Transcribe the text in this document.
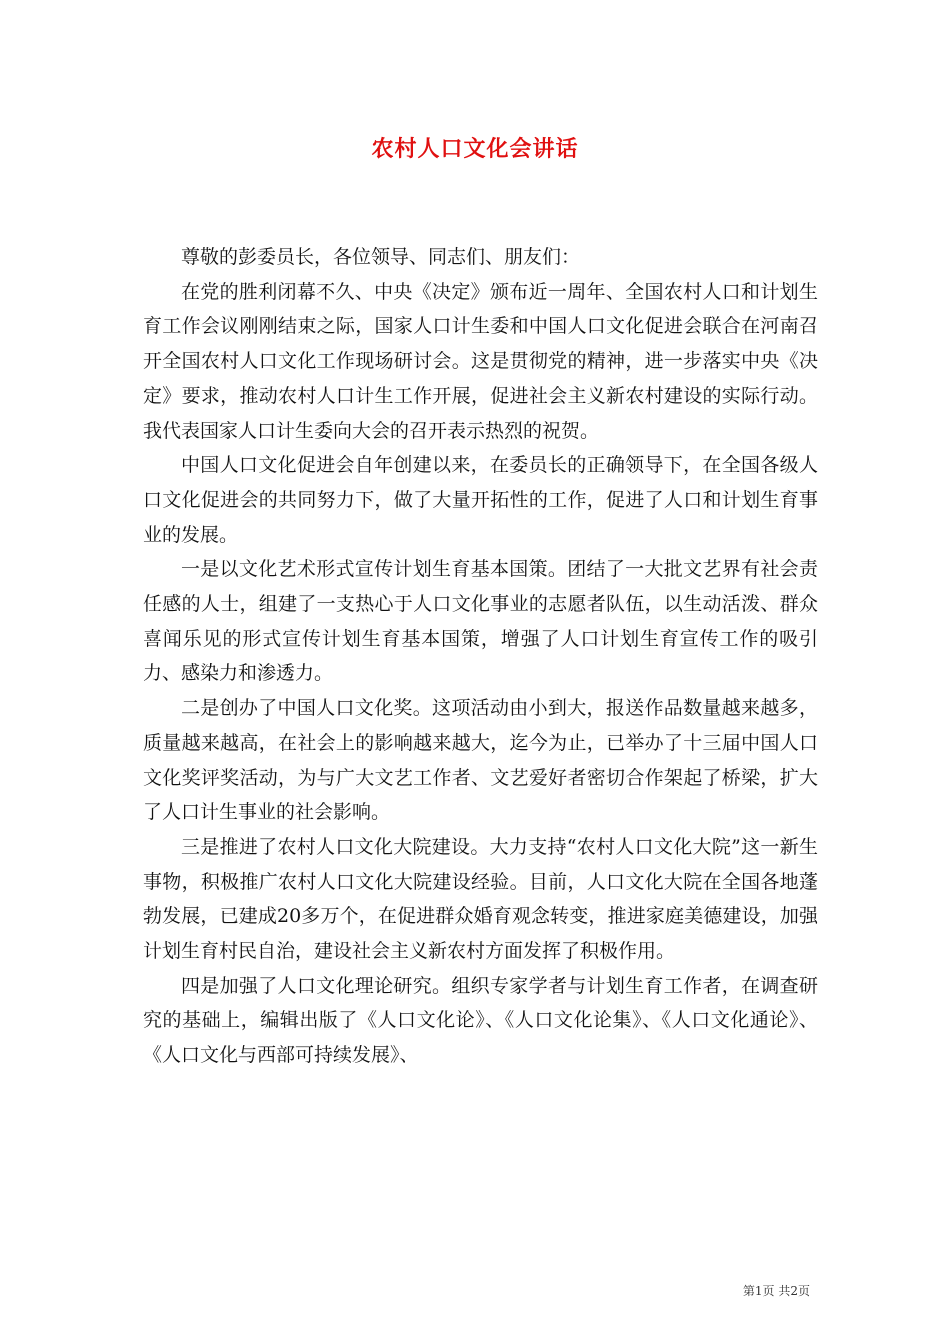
农村人口文化会讲话

尊敬的彭委员长，各位领导、同志们、朋友们：

在党的胜利闭幕不久、中央《决定》颁布近一周年、全国农村人口和计划生育工作会议刚刚结束之际，国家人口计生委和中国人口文化促进会联合在河南召开全国农村人口文化工作现场研讨会。这是贯彻党的精神，进一步落实中央《决定》要求，推动农村人口计生工作开展，促进社会主义新农村建设的实际行动。我代表国家人口计生委向大会的召开表示热烈的祝贺。

中国人口文化促进会自年创建以来，在委员长的正确领导下，在全国各级人口文化促进会的共同努力下，做了大量开拓性的工作，促进了人口和计划生育事业的发展。

一是以文化艺术形式宣传计划生育基本国策。团结了一大批文艺界有社会责任感的人士，组建了一支热心于人口文化事业的志愿者队伍，以生动活泼、群众喜闻乐见的形式宣传计划生育基本国策，增强了人口计划生育宣传工作的吸引力、感染力和渗透力。

二是创办了中国人口文化奖。这项活动由小到大，报送作品数量越来越多，质量越来越高，在社会上的影响越来越大，迄今为止，已举办了十三届中国人口文化奖评奖活动，为与广大文艺工作者、文艺爱好者密切合作架起了桥梁，扩大了人口计生事业的社会影响。

三是推进了农村人口文化大院建设。大力支持“农村人口文化大院”这一新生事物，积极推广农村人口文化大院建设经验。目前，人口文化大院在全国各地蓬勃发展，已建成20多万个，在促进群众婚育观念转变，推进家庭美德建设，加强计划生育村民自治，建设社会主义新农村方面发挥了积极作用。

四是加强了人口文化理论研究。组织专家学者与计划生育工作者，在调查研究的基础上，编辑出版了《人口文化论》、《人口文化论集》、《人口文化通论》、《人口文化与西部可持续发展》、

第1页 共2页
